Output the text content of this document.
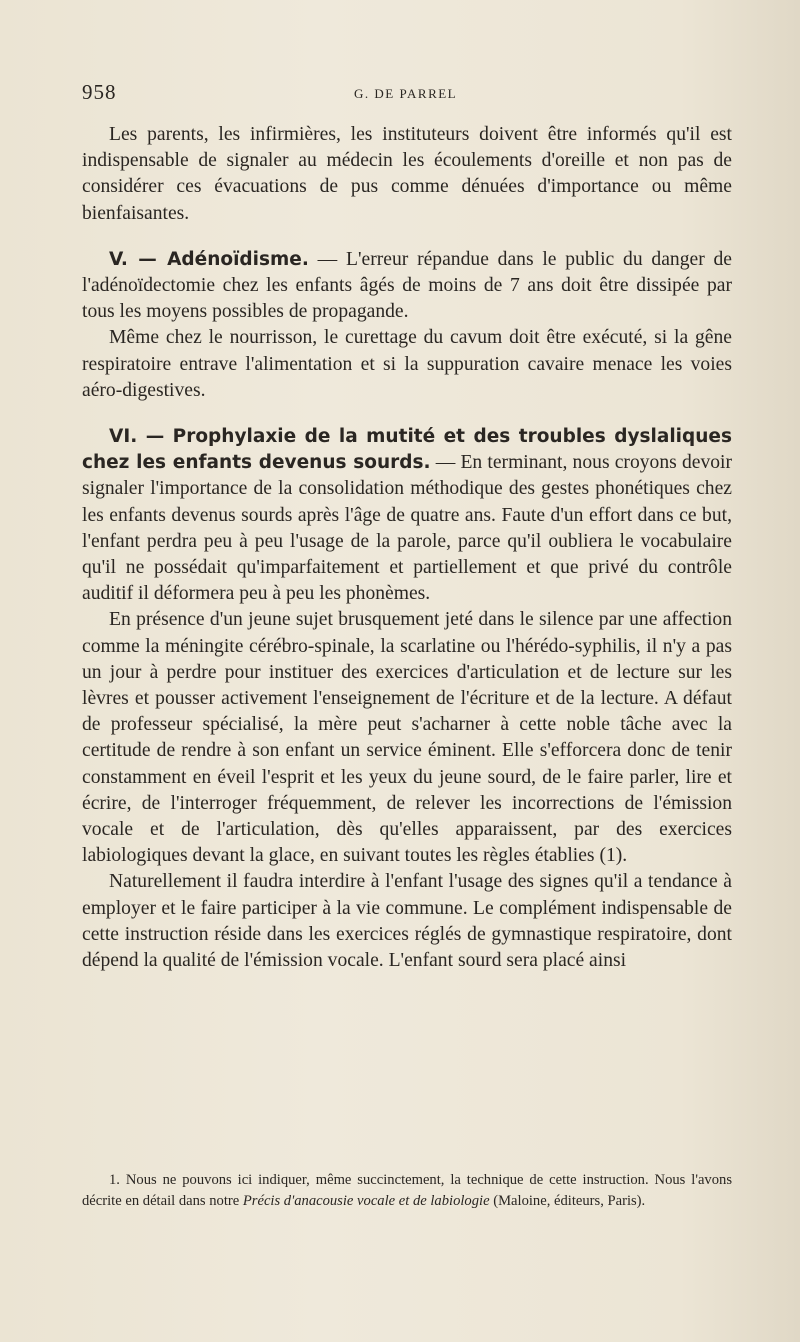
958	G. DE PARREL

Les parents, les infirmières, les instituteurs doivent être informés qu'il est indispensable de signaler au médecin les écoulements d'oreille et non pas de considérer ces évacuations de pus comme dénuées d'importance ou même bienfaisantes.

V. — Adénoïdisme. — L'erreur répandue dans le public du danger de l'adénoïdectomie chez les enfants âgés de moins de 7 ans doit être dissipée par tous les moyens possibles de propagande.

Même chez le nourrisson, le curettage du cavum doit être exécuté, si la gêne respiratoire entrave l'alimentation et si la suppuration cavaire menace les voies aéro-digestives.

VI. — Prophylaxie de la mutité et des troubles dyslaliques chez les enfants devenus sourds. — En terminant, nous croyons devoir signaler l'importance de la consolidation méthodique des gestes phonétiques chez les enfants devenus sourds après l'âge de quatre ans. Faute d'un effort dans ce but, l'enfant perdra peu à peu l'usage de la parole, parce qu'il oubliera le vocabulaire qu'il ne possédait qu'imparfaitement et partiellement et que privé du contrôle auditif il déformera peu à peu les phonèmes.

En présence d'un jeune sujet brusquement jeté dans le silence par une affection comme la méningite cérébro-spinale, la scarlatine ou l'hérédo-syphilis, il n'y a pas un jour à perdre pour instituer des exercices d'articulation et de lecture sur les lèvres et pousser activement l'enseignement de l'écriture et de la lecture. A défaut de professeur spécialisé, la mère peut s'acharner à cette noble tâche avec la certitude de rendre à son enfant un service éminent. Elle s'efforcera donc de tenir constamment en éveil l'esprit et les yeux du jeune sourd, de le faire parler, lire et écrire, de l'interroger fréquemment, de relever les incorrections de l'émission vocale et de l'articulation, dès qu'elles apparaissent, par des exercices labiologiques devant la glace, en suivant toutes les règles établies (1).

Naturellement il faudra interdire à l'enfant l'usage des signes qu'il a tendance à employer et le faire participer à la vie commune. Le complément indispensable de cette instruction réside dans les exercices réglés de gymnastique respiratoire, dont dépend la qualité de l'émission vocale. L'enfant sourd sera placé ainsi

1. Nous ne pouvons ici indiquer, même succinctement, la technique de cette instruction. Nous l'avons décrite en détail dans notre Précis d'anacousie vocale et de labiologie (Maloine, éditeurs, Paris).
